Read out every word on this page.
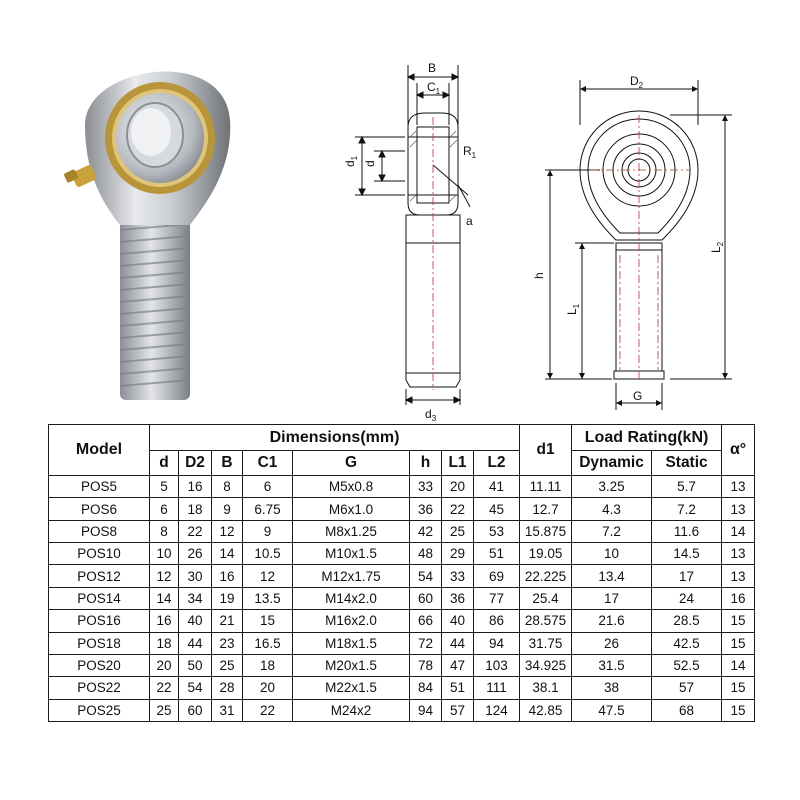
B
$C_1$
$d_1$
d
$R_1$
a
$d_3$
$D_2$
h
$L_1$
$L_2$
G
Model	Dimensions(mm)								d1	Load Rating(kN)		α°
	d	D2	B	C1	G	h	L1	L2		Dynamic	Static	
POS5	5	16	8	6	M5x0.8	33	20	41	11.11	3.25	5.7	13
POS6	6	18	9	6.75	M6x1.0	36	22	45	12.7	4.3	7.2	13
POS8	8	22	12	9	M8x1.25	42	25	53	15.875	7.2	11.6	14
POS10	10	26	14	10.5	M10x1.5	48	29	51	19.05	10	14.5	13
POS12	12	30	16	12	M12x1.75	54	33	69	22.225	13.4	17	13
POS14	14	34	19	13.5	M14x2.0	60	36	77	25.4	17	24	16
POS16	16	40	21	15	M16x2.0	66	40	86	28.575	21.6	28.5	15
POS18	18	44	23	16.5	M18x1.5	72	44	94	31.75	26	42.5	15
POS20	20	50	25	18	M20x1.5	78	47	103	34.925	31.5	52.5	14
POS22	22	54	28	20	M22x1.5	84	51	111	38.1	38	57	15
POS25	25	60	31	22	M24x2	94	57	124	42.85	47.5	68	15
